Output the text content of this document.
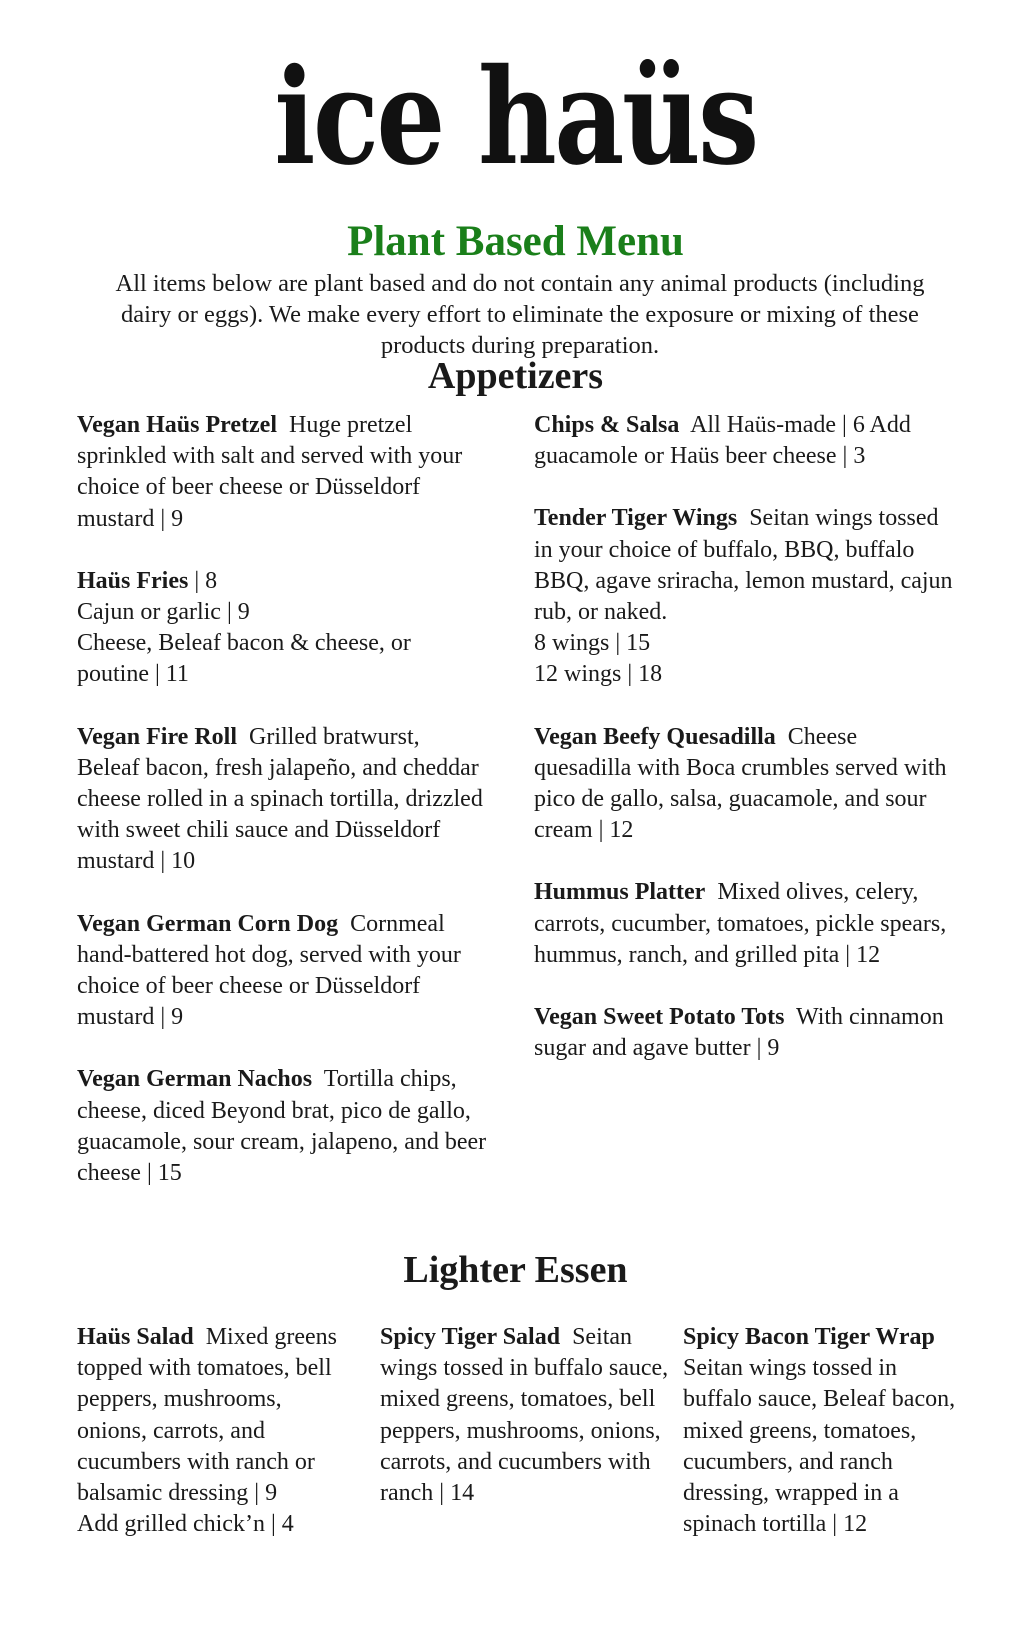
ice haüs
Plant Based Menu
All items below are plant based and do not contain any animal products (including dairy or eggs). We make every effort to eliminate the exposure or mixing of these products during preparation.
Appetizers
Vegan Haüs Pretzel Huge pretzel sprinkled with salt and served with your choice of beer cheese or Düsseldorf mustard | 9
Haüs Fries | 8
Cajun or garlic | 9
Cheese, Beleaf bacon & cheese, or poutine | 11
Vegan Fire Roll Grilled bratwurst, Beleaf bacon, fresh jalapeño, and cheddar cheese rolled in a spinach tortilla, drizzled with sweet chili sauce and Düsseldorf mustard | 10
Vegan German Corn Dog Cornmeal hand-battered hot dog, served with your choice of beer cheese or Düsseldorf mustard | 9
Vegan German Nachos Tortilla chips, cheese, diced Beyond brat, pico de gallo, guacamole, sour cream, jalapeno, and beer cheese | 15
Chips & Salsa All Haüs-made | 6 Add guacamole or Haüs beer cheese | 3
Tender Tiger Wings Seitan wings tossed in your choice of buffalo, BBQ, buffalo BBQ, agave sriracha, lemon mustard, cajun rub, or naked.
8 wings | 15
12 wings | 18
Vegan Beefy Quesadilla Cheese quesadilla with Boca crumbles served with pico de gallo, salsa, guacamole, and sour cream | 12
Hummus Platter Mixed olives, celery, carrots, cucumber, tomatoes, pickle spears, hummus, ranch, and grilled pita | 12
Vegan Sweet Potato Tots With cinnamon sugar and agave butter | 9
Lighter Essen
Haüs Salad Mixed greens topped with tomatoes, bell peppers, mushrooms, onions, carrots, and cucumbers with ranch or balsamic dressing | 9
Add grilled chick’n | 4
Spicy Tiger Salad Seitan wings tossed in buffalo sauce, mixed greens, tomatoes, bell peppers, mushrooms, onions, carrots, and cucumbers with ranch | 14
Spicy Bacon Tiger Wrap
Seitan wings tossed in buffalo sauce, Beleaf bacon, mixed greens, tomatoes, cucumbers, and ranch dressing, wrapped in a spinach tortilla | 12
